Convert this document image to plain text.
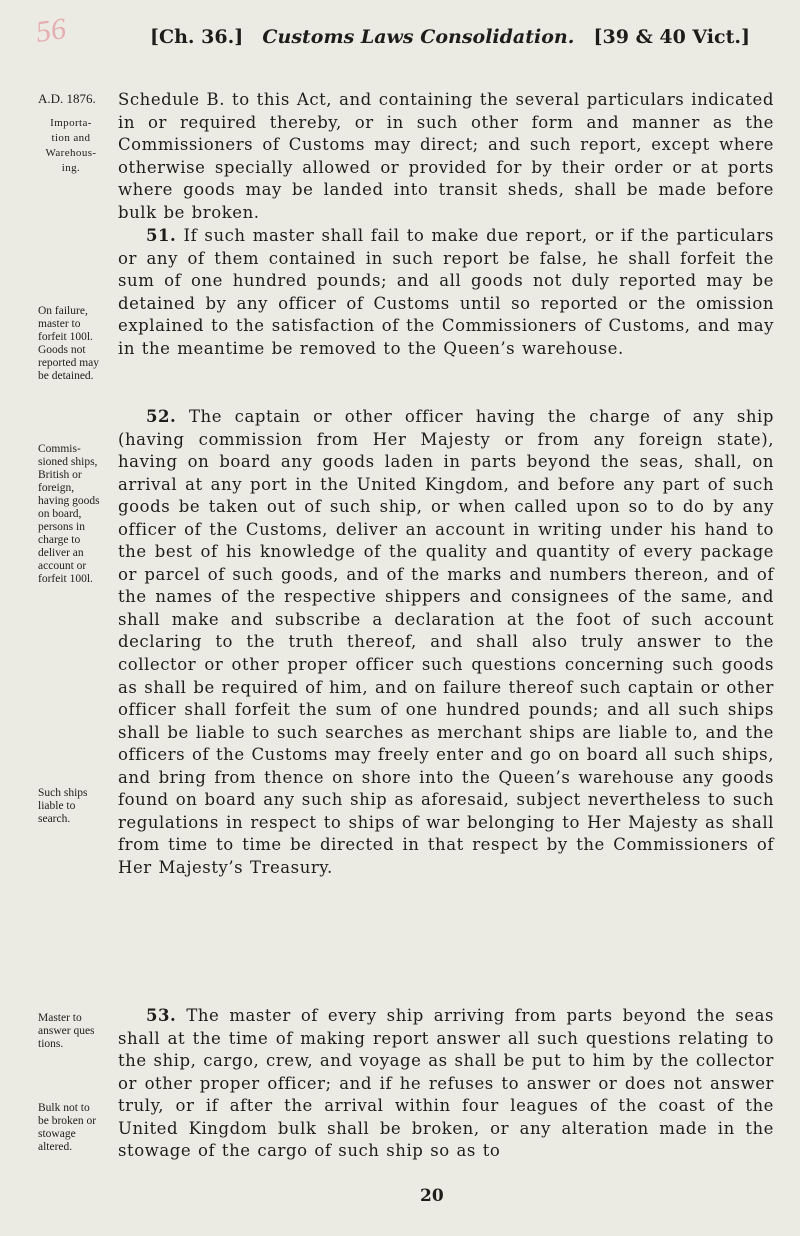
56	[Ch. 36.] Customs Laws Consolidation. [39 & 40 Vict.]
A.D. 1876.
Importa-
tion and
Warehous-
ing.
On failure,
master to
forfeit 100l.
Goods not
reported may
be detained.
Commis-
sioned ships,
British or
foreign,
having goods
on board,
persons in
charge to
deliver an
account or
forfeit 100l.
Such ships
liable to
search.
Master to
answer ques
tions.
Bulk not to
be broken or
stowage
altered.
Schedule B. to this Act, and containing the several particulars indicated in or required thereby, or in such other form and manner as the Commissioners of Customs may direct; and such report, except where otherwise specially allowed or provided for by their order or at ports where goods may be landed into transit sheds, shall be made before bulk be broken.
51. If such master shall fail to make due report, or if the particulars or any of them contained in such report be false, he shall forfeit the sum of one hundred pounds; and all goods not duly reported may be detained by any officer of Customs until so reported or the omission explained to the satisfaction of the Commissioners of Customs, and may in the meantime be removed to the Queen’s warehouse.
52. The captain or other officer having the charge of any ship (having commission from Her Majesty or from any foreign state), having on board any goods laden in parts beyond the seas, shall, on arrival at any port in the United Kingdom, and before any part of such goods be taken out of such ship, or when called upon so to do by any officer of the Customs, deliver an account in writing under his hand to the best of his knowledge of the quality and quantity of every package or parcel of such goods, and of the marks and numbers thereon, and of the names of the respective shippers and consignees of the same, and shall make and subscribe a declaration at the foot of such account declaring to the truth thereof, and shall also truly answer to the collector or other proper officer such questions concerning such goods as shall be required of him, and on failure thereof such captain or other officer shall forfeit the sum of one hundred pounds; and all such ships shall be liable to such searches as merchant ships are liable to, and the officers of the Customs may freely enter and go on board all such ships, and bring from thence on shore into the Queen’s warehouse any goods found on board any such ship as aforesaid, subject nevertheless to such regulations in respect to ships of war belonging to Her Majesty as shall from time to time be directed in that respect by the Commissioners of Her Majesty’s Treasury.
53. The master of every ship arriving from parts beyond the seas shall at the time of making report answer all such questions relating to the ship, cargo, crew, and voyage as shall be put to him by the collector or other proper officer; and if he refuses to answer or does not answer truly, or if after the arrival within four leagues of the coast of the United Kingdom bulk shall be broken, or any alteration made in the stowage of the cargo of such ship so as to
20
